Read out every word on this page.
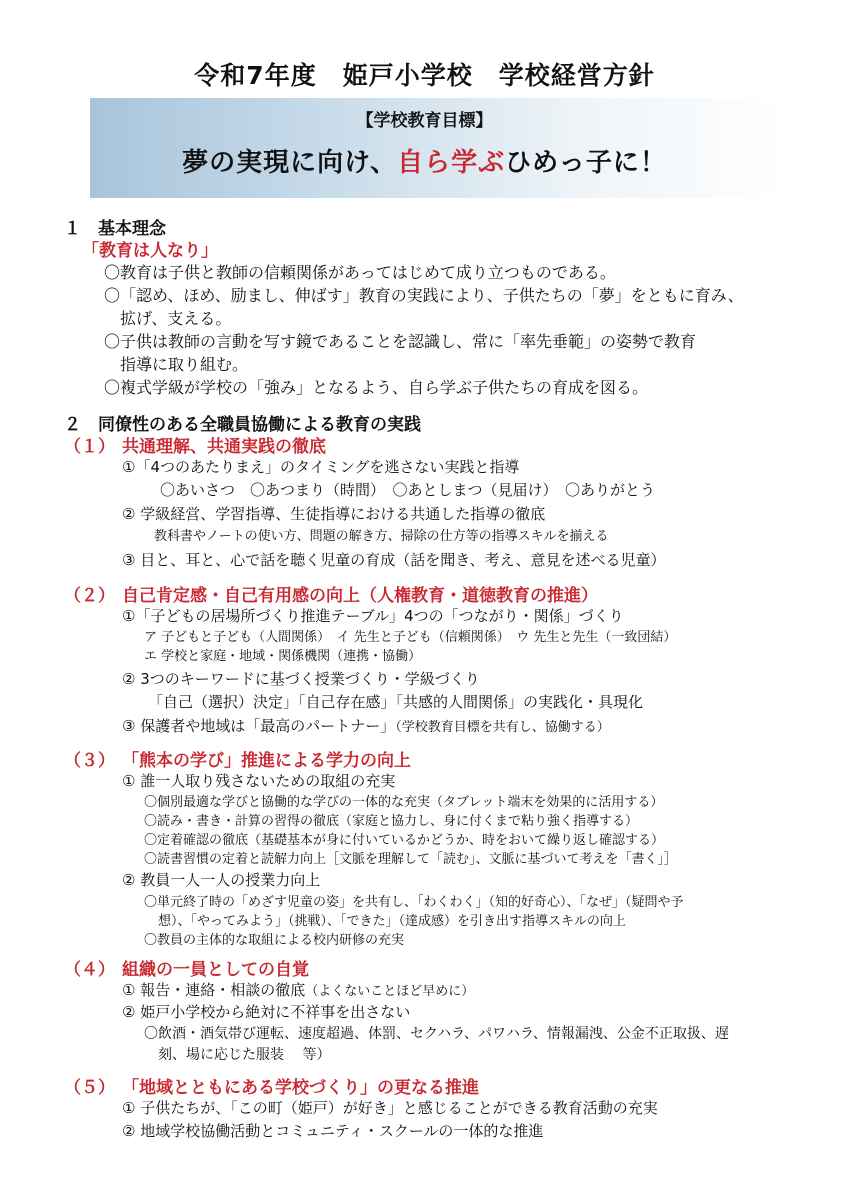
令和7年度　姫戸小学校　学校経営方針
【学校教育目標】
夢の実現に向け、自ら学ぶひめっ子に！
１　基本理念
「教育は人なり」
〇教育は子供と教師の信頼関係があってはじめて成り立つものである。
〇「認め、ほめ、励まし、伸ばす」教育の実践により、子供たちの「夢」をともに育み、
拡げ、支える。
〇子供は教師の言動を写す鏡であることを認識し、常に「率先垂範」の姿勢で教育
指導に取り組む。
〇複式学級が学校の「強み」となるよう、自ら学ぶ子供たちの育成を図る。
２　同僚性のある全職員協働による教育の実践
（１） 共通理解、共通実践の徹底
①「4つのあたりまえ」のタイミングを逃さない実践と指導
〇あいさつ　〇あつまり（時間）　〇あとしまつ（見届け）　〇ありがとう
② 学級経営、学習指導、生徒指導における共通した指導の徹底
教科書やノートの使い方、問題の解き方、掃除の仕方等の指導スキルを揃える
③ 目と、耳と、心で話を聴く児童の育成（話を聞き、考え、意見を述べる児童）
（２） 自己肯定感・自己有用感の向上（人権教育・道徳教育の推進）
①「子どもの居場所づくり推進テーブル」4つの「つながり・関係」づくり
ア 子どもと子ども（人間関係）　イ 先生と子ども（信頼関係）　ウ 先生と先生（一致団結）
エ 学校と家庭・地域・関係機関（連携・協働）
② 3つのキーワードに基づく授業づくり・学級づくり
「自己（選択）決定」「自己存在感」「共感的人間関係」の実践化・具現化
③ 保護者や地域は「最高のパートナー」（学校教育目標を共有し、協働する）
（３） 「熊本の学び」推進による学力の向上
① 誰一人取り残さないための取組の充実
〇個別最適な学びと協働的な学びの一体的な充実（タブレット端末を効果的に活用する）
〇読み・書き・計算の習得の徹底（家庭と協力し、身に付くまで粘り強く指導する）
〇定着確認の徹底（基礎基本が身に付いているかどうか、時をおいて繰り返し確認する）
〇読書習慣の定着と読解力向上［文脈を理解して「読む」、文脈に基づいて考えを「書く」］
② 教員一人一人の授業力向上
〇単元終了時の「めざす児童の姿」を共有し、「わくわく」（知的好奇心）、「なぜ」（疑問や予
想）、「やってみよう」（挑戦）、「できた」（達成感）を引き出す指導スキルの向上
〇教員の主体的な取組による校内研修の充実
（４） 組織の一員としての自覚
① 報告・連絡・相談の徹底（よくないことほど早めに）
② 姫戸小学校から絶対に不祥事を出さない
〇飲酒・酒気帯び運転、速度超過、体罰、セクハラ、パワハラ、情報漏洩、公金不正取扱、遅
刻、場に応じた服装　 等）
（５） 「地域とともにある学校づくり」の更なる推進
① 子供たちが、「この町（姫戸）が好き」と感じることができる教育活動の充実
② 地域学校協働活動とコミュニティ・スクールの一体的な推進
